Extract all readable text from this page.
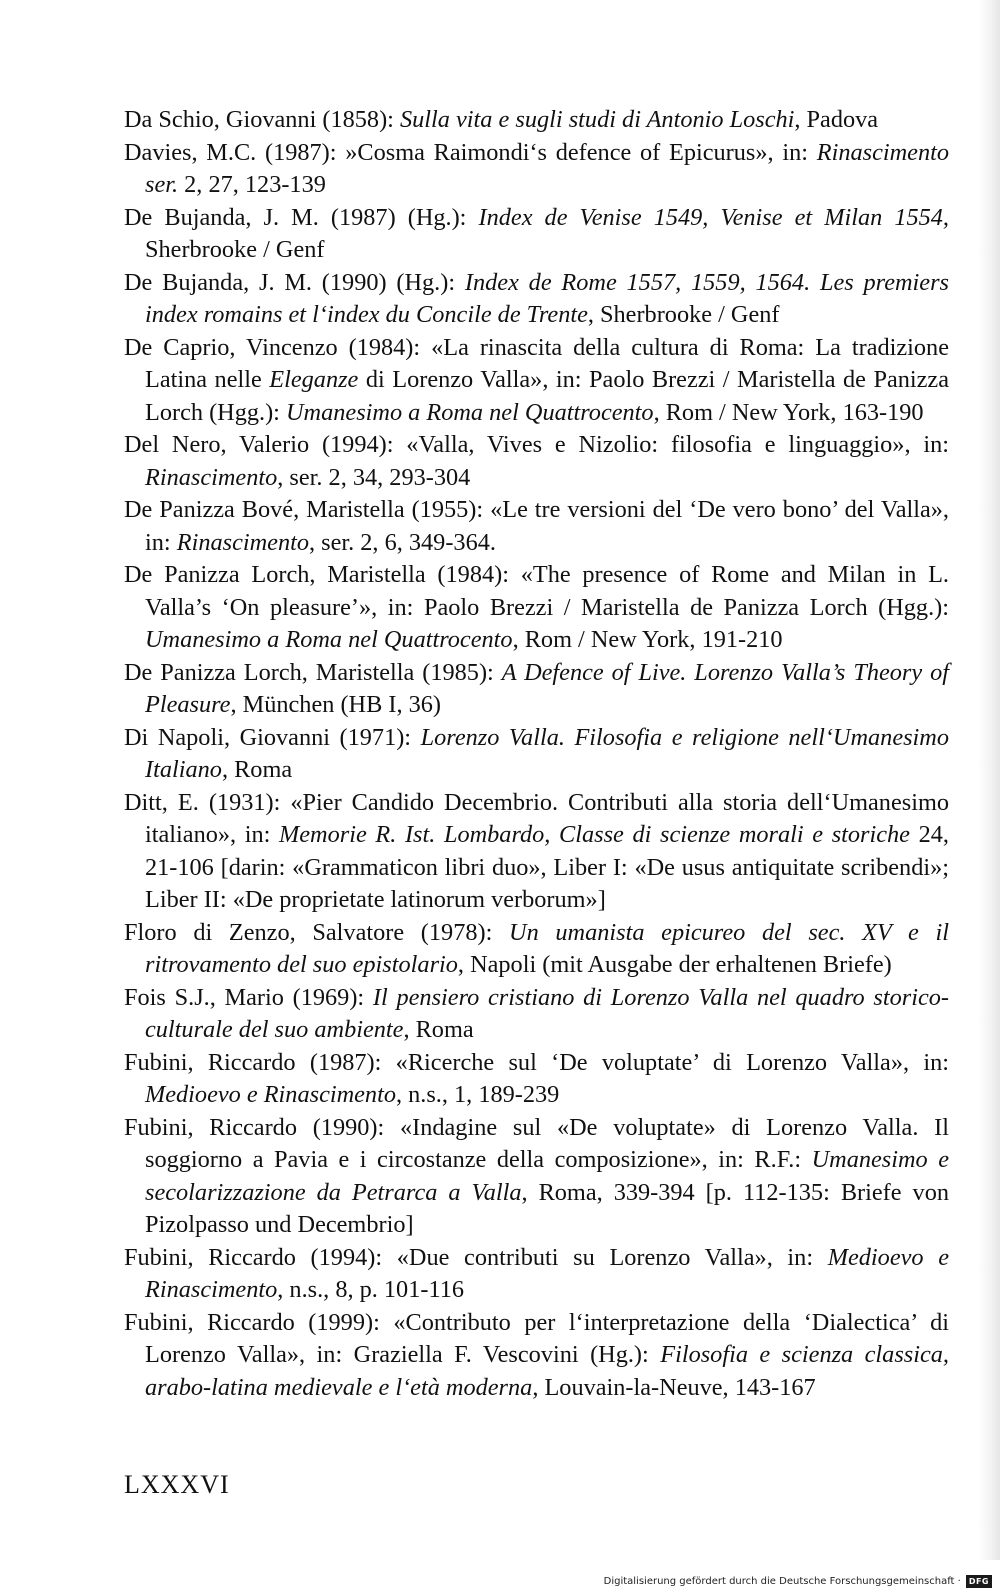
Da Schio, Giovanni (1858): Sulla vita e sugli studi di Antonio Loschi, Padova
Davies, M.C. (1987): »Cosma Raimondi‘s defence of Epicurus», in: Rinascimento ser. 2, 27, 123-139
De Bujanda, J. M. (1987) (Hg.): Index de Venise 1549, Venise et Milan 1554, Sherbrooke / Genf
De Bujanda, J. M. (1990) (Hg.): Index de Rome 1557, 1559, 1564. Les premiers index romains et l‘index du Concile de Trente, Sherbrooke / Genf
De Caprio, Vincenzo (1984): «La rinascita della cultura di Roma: La tradizione Latina nelle Eleganze di Lorenzo Valla», in: Paolo Brezzi / Maristella de Panizza Lorch (Hgg.): Umanesimo a Roma nel Quattrocento, Rom / New York, 163-190
Del Nero, Valerio (1994): «Valla, Vives e Nizolio: filosofia e linguaggio», in: Rinascimento, ser. 2, 34, 293-304
De Panizza Bové, Maristella (1955): «Le tre versioni del ‘De vero bono’ del Valla», in: Rinascimento, ser. 2, 6, 349-364.
De Panizza Lorch, Maristella (1984): «The presence of Rome and Milan in L. Valla’s ‘On pleasure’», in: Paolo Brezzi / Maristella de Panizza Lorch (Hgg.): Umanesimo a Roma nel Quattrocento, Rom / New York, 191-210
De Panizza Lorch, Maristella (1985): A Defence of Live. Lorenzo Valla’s Theory of Pleasure, München (HB I, 36)
Di Napoli, Giovanni (1971): Lorenzo Valla. Filosofia e religione nell‘Umanesimo Italiano, Roma
Ditt, E. (1931): «Pier Candido Decembrio. Contributi alla storia dell‘Umanesimo italiano», in: Memorie R. Ist. Lombardo, Classe di scienze morali e storiche 24, 21-106 [darin: «Grammaticon libri duo», Liber I: «De usus antiquitate scribendi»; Liber II: «De proprietate latinorum verborum»]
Floro di Zenzo, Salvatore (1978): Un umanista epicureo del sec. XV e il ritrovamento del suo epistolario, Napoli (mit Ausgabe der erhaltenen Briefe)
Fois S.J., Mario (1969): Il pensiero cristiano di Lorenzo Valla nel quadro storico-culturale del suo ambiente, Roma
Fubini, Riccardo (1987): «Ricerche sul ‘De voluptate’ di Lorenzo Valla», in: Medioevo e Rinascimento, n.s., 1, 189-239
Fubini, Riccardo (1990): «Indagine sul «De voluptate» di Lorenzo Valla. Il soggiorno a Pavia e i circostanze della composizione», in: R.F.: Umanesimo e secolarizzazione da Petrarca a Valla, Roma, 339-394 [p. 112-135: Briefe von Pizolpasso und Decembrio]
Fubini, Riccardo (1994): «Due contributi su Lorenzo Valla», in: Medioevo e Rinascimento, n.s., 8, p. 101-116
Fubini, Riccardo (1999): «Contributo per l‘interpretazione della ‘Dialectica’ di Lorenzo Valla», in: Graziella F. Vescovini (Hg.): Filosofia e scienza classica, arabo-latina medievale e l‘età moderna, Louvain-la-Neuve, 143-167
LXXXVI
Digitalisierung gefördert durch die Deutsche Forschungsgemeinschaft ·	DFG
